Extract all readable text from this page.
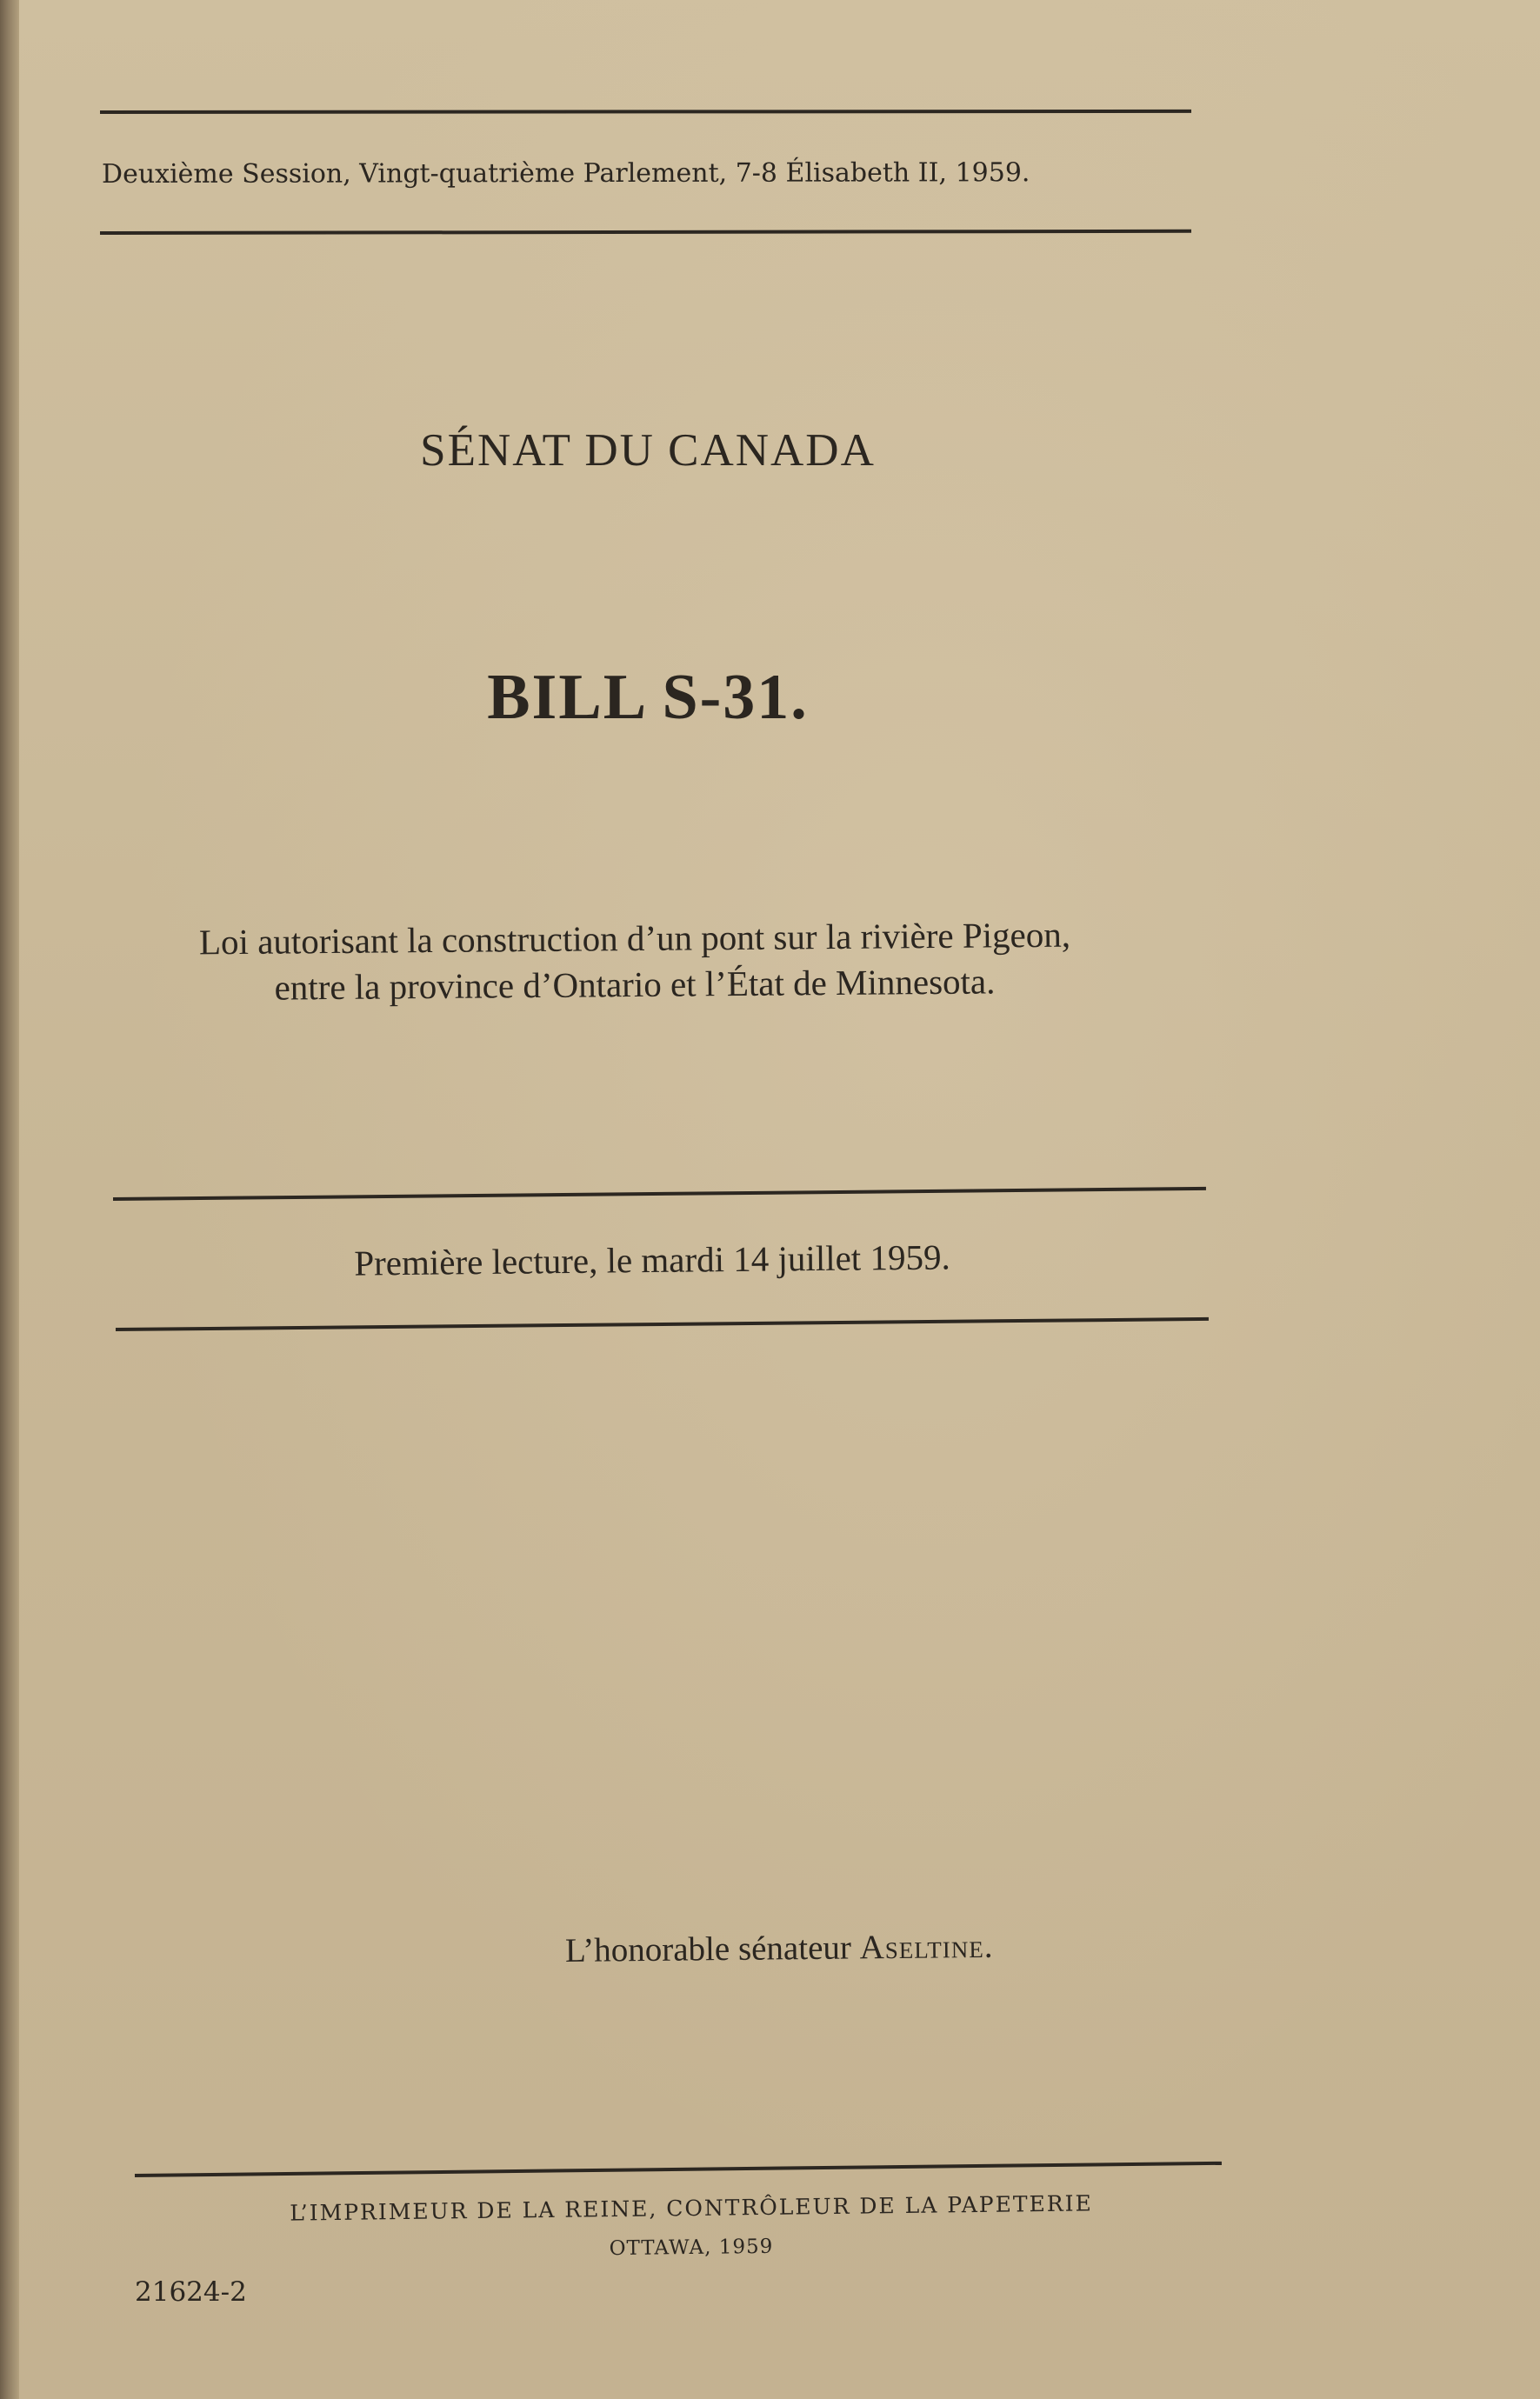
Deuxième Session, Vingt-quatrième Parlement, 7-8 Élisabeth II, 1959.
SÉNAT DU CANADA
BILL S-31.
Loi autorisant la construction d’un pont sur la rivière Pigeon,
entre la province d’Ontario et l’État de Minnesota.
Première lecture, le mardi 14 juillet 1959.
L’honorable sénateur Aseltine.
L’IMPRIMEUR DE LA REINE, CONTRÔLEUR DE LA PAPETERIE
OTTAWA, 1959
21624-2
